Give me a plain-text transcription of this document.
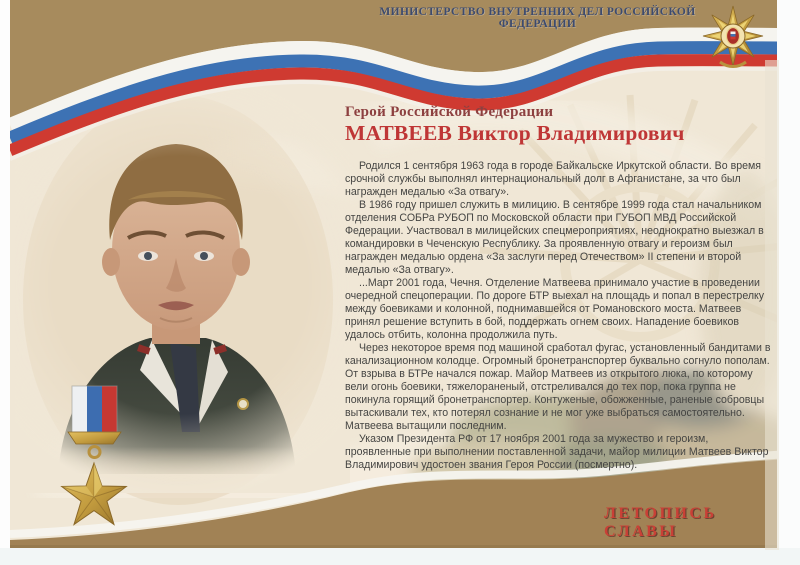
МИНИСТЕРСТВО ВНУТРЕННИХ ДЕЛ РОССИЙСКОЙ ФЕДЕРАЦИИ
Герой Российской Федерации
МАТВЕЕВ Виктор Владимирович

Родился 1 сентября 1963 года в городе Байкальске Иркутской области. Во время срочной службы выполнял интернациональный долг в Афганистане, за что был награжден медалью «За отвагу».

В 1986 году пришел служить в милицию. В сентябре 1999 года стал начальником отделения СОБРа РУБОП по Московской области при ГУБОП МВД Российской Федерации. Участвовал в милицейских спецмероприятиях, неоднократно выезжал в командировки в Чеченскую Республику. За проявленную отвагу и героизм был награжден медалью ордена «За заслуги перед Отечеством» II степени и второй медалью «За отвагу».

...Март 2001 года, Чечня. Отделение Матвеева принимало участие в проведении очередной спецоперации. По дороге БТР выехал на площадь и попал в перестрелку между боевиками и колонной, поднимавшейся от Романовского моста. Матвеев принял решение вступить в бой, поддержать огнем своих. Нападение боевиков удалось отбить, колонна продолжила путь.

Через некоторое время под машиной сработал фугас, установленный бандитами в канализационном колодце. Огромный бронетранспортер буквально согнуло пополам. От взрыва в БТРе начался пожар. Майор Матвеев из открытого люка, по которому вели огонь боевики, тяжелораненый, отстреливался до тех пор, пока группа не покинула горящий бронетранспортер. Контуженые, обожженные, раненые собровцы вытаскивали тех, кто потерял сознание и не мог уже выбраться самостоятельно. Матвеева вытащили последним.

Указом Президента РФ от 17 ноября 2001 года за мужество и героизм, проявленные при выполнении поставленной задачи, майор милиции Матвеев Виктор Владимирович удостоен звания Героя России (посмертно).

ЛЕТОПИСЬ СЛАВЫ
